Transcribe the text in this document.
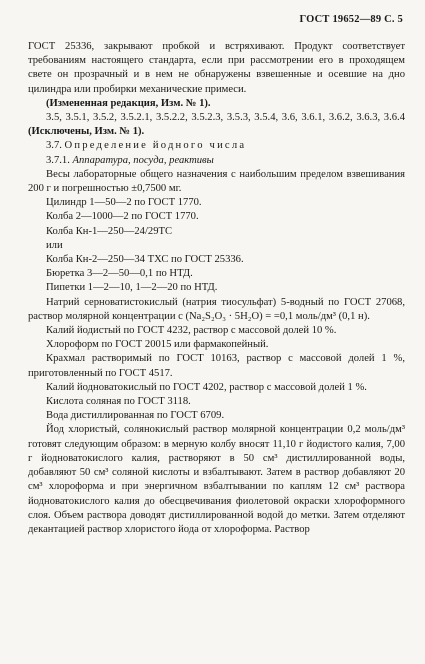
ГОСТ 19652—89 С. 5

ГОСТ 25336, закрывают пробкой и встряхивают. Продукт соответствует требованиям настоящего стандарта, если при рассмотрении его в проходящем свете он прозрачный и в нем не обнаружены взвешенные и осевшие на дно цилиндра или пробирки механические примеси.

(Измененная редакция, Изм. № 1).

3.5, 3.5.1, 3.5.2, 3.5.2.1, 3.5.2.2, 3.5.2.3, 3.5.3, 3.5.4, 3.6, 3.6.1, 3.6.2, 3.6.3, 3.6.4 (Исключены, Изм. № 1).

3.7. Определение йодного числа

3.7.1. Аппаратура, посуда, реактивы

Весы лабораторные общего назначения с наибольшим пределом взвешивания 200 г и погрешностью ±0,7500 мг.

Цилиндр 1—50—2 по ГОСТ 1770.

Колба 2—1000—2 по ГОСТ 1770.

Колба Кн-1—250—24/29ТС

или

Колба Кн-2—250—34 ТХС по ГОСТ 25336.

Бюретка 3—2—50—0,1 по НТД.

Пипетки 1—2—10, 1—2—20 по НТД.

Натрий серноватистокислый (натрия тиосульфат) 5-водный по ГОСТ 27068, раствор молярной концентрации c (Na₂S₂O₃ · 5H₂O) = =0,1 моль/дм³ (0,1 н).

Калий йодистый по ГОСТ 4232, раствор с массовой долей 10 %.

Хлороформ по ГОСТ 20015 или фармакопейный.

Крахмал растворимый по ГОСТ 10163, раствор с массовой долей 1 %, приготовленный по ГОСТ 4517.

Калий йодноватокислый по ГОСТ 4202, раствор с массовой долей 1 %.

Кислота соляная по ГОСТ 3118.

Вода дистиллированная по ГОСТ 6709.

Йод хлористый, солянокислый раствор молярной концентрации 0,2 моль/дм³ готовят следующим образом: в мерную колбу вносят 11,10 г йодистого калия, 7,00 г йодноватокислого калия, растворяют в 50 см³ дистиллированной воды, добавляют 50 см³ соляной кислоты и взбалтывают. Затем в раствор добавляют 20 см³ хлороформа и при энергичном взбалтывании по каплям 12 см³ раствора йодноватокислого калия до обесцвечивания фиолетовой окраски хлороформного слоя. Объем раствора доводят дистиллированной водой до метки. Затем отделяют декантацией раствор хлористого йода от хлороформа. Раствор
